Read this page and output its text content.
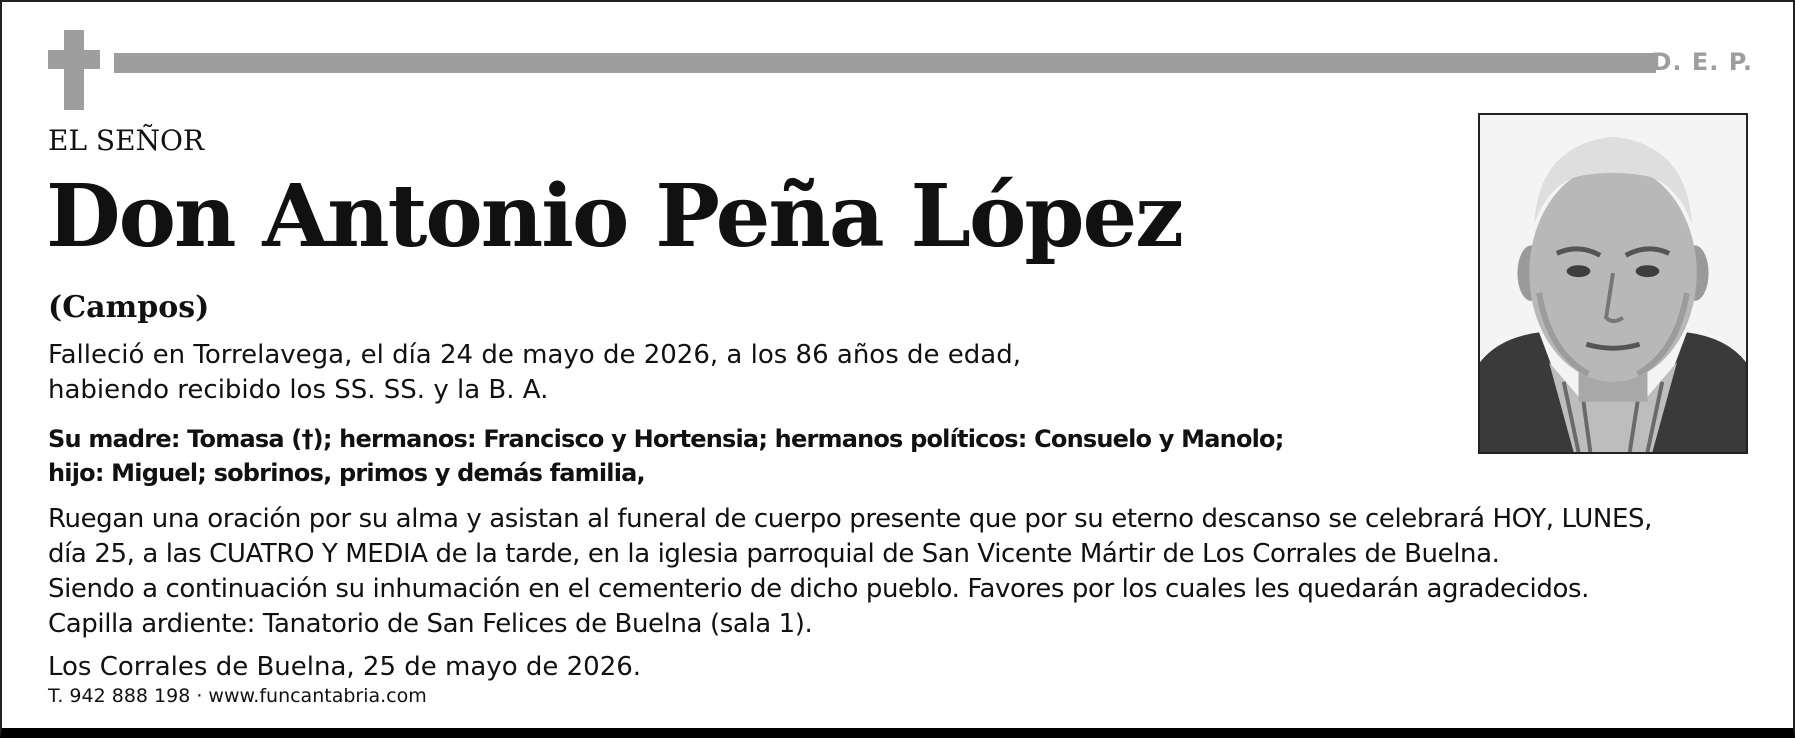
D. E. P.
EL SEÑOR
Don Antonio Peña López
(Campos)
Falleció en Torrelavega, el día 24 de mayo de 2026, a los 86 años de edad,
habiendo recibido los SS. SS. y la B. A.
Su madre: Tomasa (†); hermanos: Francisco y Hortensia; hermanos políticos: Consuelo y Manolo;
hijo: Miguel; sobrinos, primos y demás familia,
Ruegan una oración por su alma y asistan al funeral de cuerpo presente que por su eterno descanso se celebrará HOY, LUNES,
día 25, a las CUATRO Y MEDIA de la tarde, en la iglesia parroquial de San Vicente Mártir de Los Corrales de Buelna.
Siendo a continuación su inhumación en el cementerio de dicho pueblo. Favores por los cuales les quedarán agradecidos.
Capilla ardiente: Tanatorio de San Felices de Buelna (sala 1).
Los Corrales de Buelna, 25 de mayo de 2026.
T. 942 888 198 · www.funcantabria.com
